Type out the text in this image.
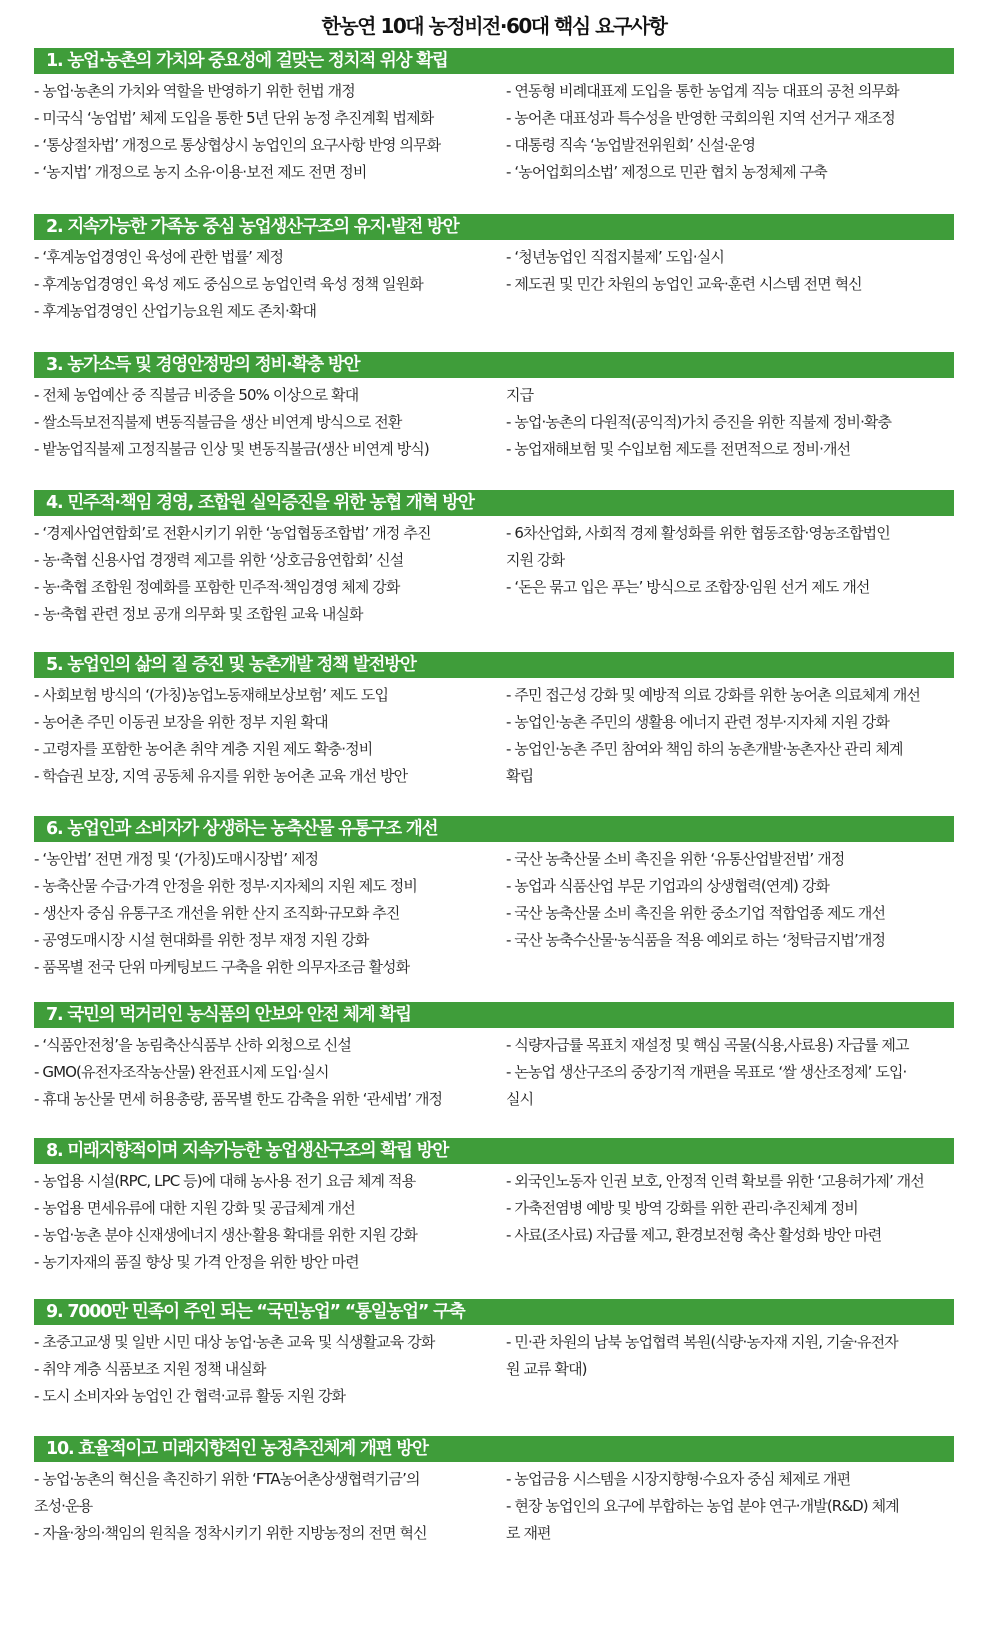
한농연 10대 농정비전·60대 핵심 요구사항
1. 농업·농촌의 가치와 중요성에 걸맞는 정치적 위상 확립
- 농업·농촌의 가치와 역할을 반영하기 위한 헌법 개정
- 미국식 ‘농업법’ 체제 도입을 통한 5년 단위 농정 추진계획 법제화
- ‘통상절차법’ 개정으로 통상협상시 농업인의 요구사항 반영 의무화
- ‘농지법’ 개정으로 농지 소유·이용·보전 제도 전면 정비
- 연동형 비례대표제 도입을 통한 농업계 직능 대표의 공천 의무화
- 농어촌 대표성과 특수성을 반영한 국회의원 지역 선거구 재조정
- 대통령 직속 ‘농업발전위원회’ 신설·운영
- ‘농어업회의소법’ 제정으로 민관 협치 농정체제 구축
2. 지속가능한 가족농 중심 농업생산구조의 유지·발전 방안
- ‘후계농업경영인 육성에 관한 법률’ 제정
- 후계농업경영인 육성 제도 중심으로 농업인력 육성 정책 일원화
- 후계농업경영인 산업기능요원 제도 존치·확대
- ‘청년농업인 직접지불제’ 도입·실시
- 제도권 및 민간 차원의 농업인 교육·훈련 시스템 전면 혁신
3. 농가소득 및 경영안정망의 정비·확충 방안
- 전체 농업예산 중 직불금 비중을 50% 이상으로 확대
- 쌀소득보전직불제 변동직불금을 생산 비연계 방식으로 전환
- 밭농업직불제 고정직불금 인상 및 변동직불금(생산 비연계 방식)
지급
- 농업·농촌의 다원적(공익적)가치 증진을 위한 직불제 정비·확충
- 농업재해보험 및 수입보험 제도를 전면적으로 정비·개선
4. 민주적·책임 경영, 조합원 실익증진을 위한 농협 개혁 방안
- ‘경제사업연합회’로 전환시키기 위한 ‘농업협동조합법’ 개정 추진
- 농·축협 신용사업 경쟁력 제고를 위한 ‘상호금융연합회’ 신설
- 농·축협 조합원 정예화를 포함한 민주적·책임경영 체제 강화
- 농·축협 관련 정보 공개 의무화 및 조합원 교육 내실화
- 6차산업화, 사회적 경제 활성화를 위한 협동조합·영농조합법인
지원 강화
- ‘돈은 묶고 입은 푸는’ 방식으로 조합장·임원 선거 제도 개선
5. 농업인의 삶의 질 증진 및 농촌개발 정책 발전방안
- 사회보험 방식의 ‘(가칭)농업노동재해보상보험’ 제도 도입
- 농어촌 주민 이동권 보장을 위한 정부 지원 확대
- 고령자를 포함한 농어촌 취약 계층 지원 제도 확충·정비
- 학습권 보장, 지역 공동체 유지를 위한 농어촌 교육 개선 방안
- 주민 접근성 강화 및 예방적 의료 강화를 위한 농어촌 의료체계 개선
- 농업인·농촌 주민의 생활용 에너지 관련 정부·지자체 지원 강화
- 농업인·농촌 주민 참여와 책임 하의 농촌개발·농촌자산 관리 체계
확립
6. 농업인과 소비자가 상생하는 농축산물 유통구조 개선
- ‘농안법’ 전면 개정 및 ‘(가칭)도매시장법’ 제정
- 농축산물 수급·가격 안정을 위한 정부·지자체의 지원 제도 정비
- 생산자 중심 유통구조 개선을 위한 산지 조직화·규모화 추진
- 공영도매시장 시설 현대화를 위한 정부 재정 지원 강화
- 품목별 전국 단위 마케팅보드 구축을 위한 의무자조금 활성화
- 국산 농축산물 소비 촉진을 위한 ‘유통산업발전법’ 개정
- 농업과 식품산업 부문 기업과의 상생협력(연계) 강화
- 국산 농축산물 소비 촉진을 위한 중소기업 적합업종 제도 개선
- 국산 농축수산물·농식품을 적용 예외로 하는 ‘청탁금지법’개정
7. 국민의 먹거리인 농식품의 안보와 안전 체계 확립
- ‘식품안전청’을 농림축산식품부 산하 외청으로 신설
- GMO(유전자조작농산물) 완전표시제 도입·실시
- 휴대 농산물 면세 허용총량, 품목별 한도 감축을 위한 ‘관세법’ 개정
- 식량자급률 목표치 재설정 및 핵심 곡물(식용,사료용) 자급률 제고
- 논농업 생산구조의 중장기적 개편을 목표로 ‘쌀 생산조정제’ 도입·
실시
8. 미래지향적이며 지속가능한 농업생산구조의 확립 방안
- 농업용 시설(RPC, LPC 등)에 대해 농사용 전기 요금 체계 적용
- 농업용 면세유류에 대한 지원 강화 및 공급체계 개선
- 농업·농촌 분야 신재생에너지 생산·활용 확대를 위한 지원 강화
- 농기자재의 품질 향상 및 가격 안정을 위한 방안 마련
- 외국인노동자 인권 보호, 안정적 인력 확보를 위한 ‘고용허가제’ 개선
- 가축전염병 예방 및 방역 강화를 위한 관리·추진체계 정비
- 사료(조사료) 자급률 제고, 환경보전형 축산 활성화 방안 마련
9. 7000만 민족이 주인 되는 “국민농업” “통일농업” 구축
- 초중고교생 및 일반 시민 대상 농업·농촌 교육 및 식생활교육 강화
- 취약 계층 식품보조 지원 정책 내실화
- 도시 소비자와 농업인 간 협력·교류 활동 지원 강화
- 민·관 차원의 남북 농업협력 복원(식량·농자재 지원, 기술·유전자
원 교류 확대)
10. 효율적이고 미래지향적인 농정추진체계 개편 방안
- 농업·농촌의 혁신을 촉진하기 위한 ‘FTA농어촌상생협력기금’의
조성·운용
- 자율·창의·책임의 원칙을 정착시키기 위한 지방농정의 전면 혁신
- 농업금융 시스템을 시장지향형·수요자 중심 체제로 개편
- 현장 농업인의 요구에 부합하는 농업 분야 연구·개발(R&D) 체계
로 재편
